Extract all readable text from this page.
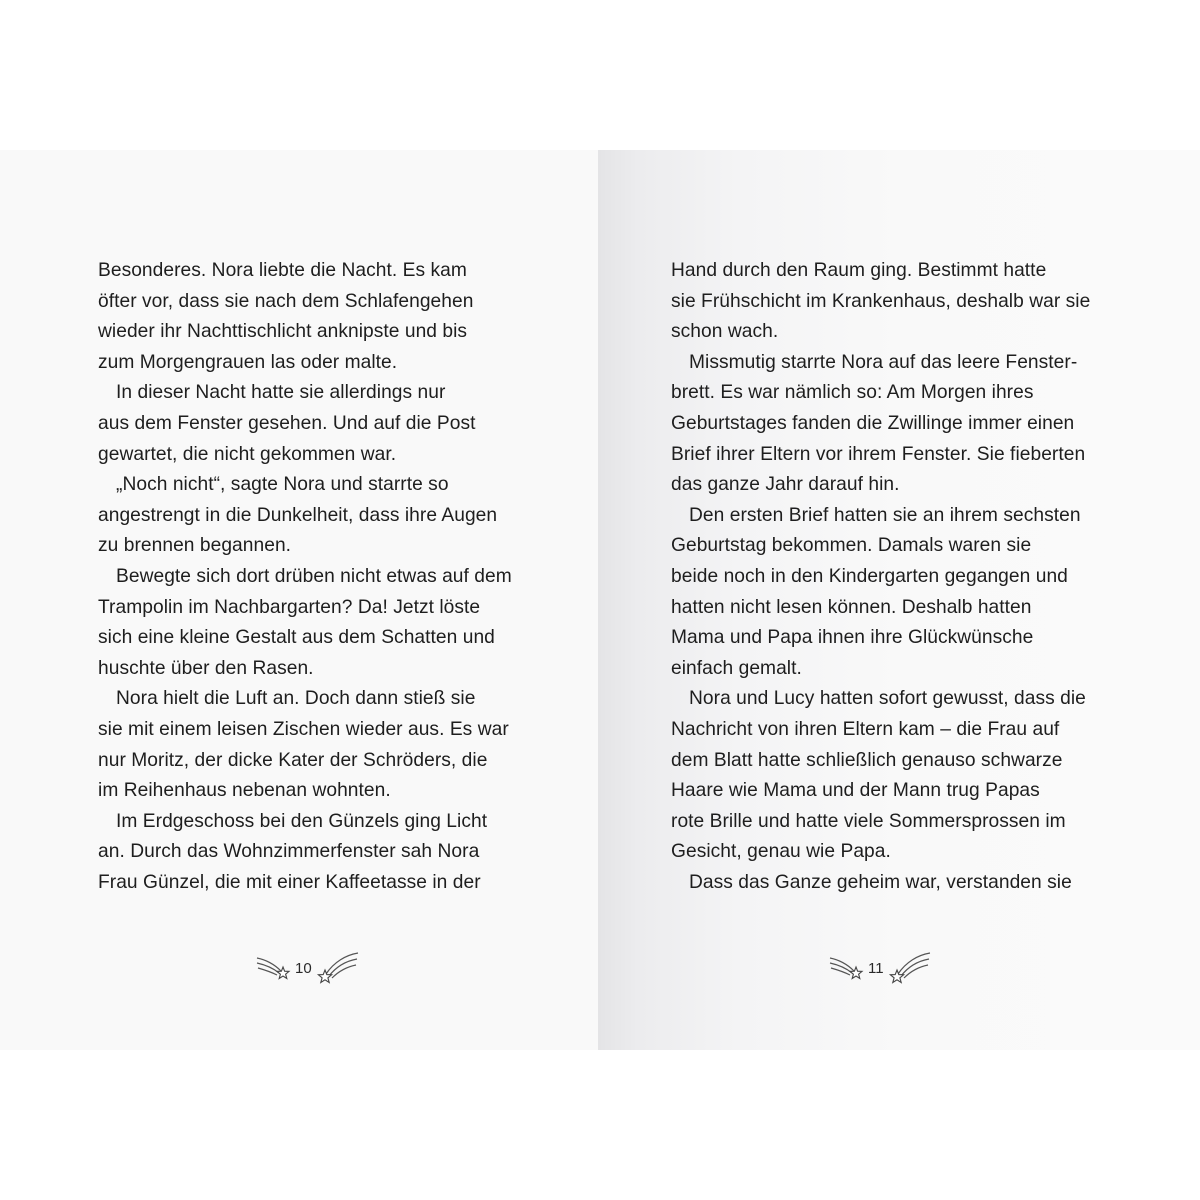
Besonderes. Nora liebte die Nacht. Es kam
öfter vor, dass sie nach dem Schlafengehen
wieder ihr Nachttischlicht anknipste und bis
zum Morgengrauen las oder malte.
In dieser Nacht hatte sie allerdings nur
aus dem Fenster gesehen. Und auf die Post
gewartet, die nicht gekommen war.
„Noch nicht“, sagte Nora und starrte so
angestrengt in die Dunkelheit, dass ihre Augen
zu brennen begannen.
Bewegte sich dort drüben nicht etwas auf dem
Trampolin im Nachbargarten? Da! Jetzt löste
sich eine kleine Gestalt aus dem Schatten und
huschte über den Rasen.
Nora hielt die Luft an. Doch dann stieß sie
sie mit einem leisen Zischen wieder aus. Es war
nur Moritz, der dicke Kater der Schröders, die
im Reihenhaus nebenan wohnten.
Im Erdgeschoss bei den Günzels ging Licht
an. Durch das Wohnzimmerfenster sah Nora
Frau Günzel, die mit einer Kaffeetasse in der
10
Hand durch den Raum ging. Bestimmt hatte
sie Frühschicht im Krankenhaus, deshalb war sie
schon wach.
Missmutig starrte Nora auf das leere Fenster-
brett. Es war nämlich so: Am Morgen ihres
Geburtstages fanden die Zwillinge immer einen
Brief ihrer Eltern vor ihrem Fenster. Sie fieberten
das ganze Jahr darauf hin.
Den ersten Brief hatten sie an ihrem sechsten
Geburtstag bekommen. Damals waren sie
beide noch in den Kindergarten gegangen und
hatten nicht lesen können. Deshalb hatten
Mama und Papa ihnen ihre Glückwünsche
einfach gemalt.
Nora und Lucy hatten sofort gewusst, dass die
Nachricht von ihren Eltern kam – die Frau auf
dem Blatt hatte schließlich genauso schwarze
Haare wie Mama und der Mann trug Papas
rote Brille und hatte viele Sommersprossen im
Gesicht, genau wie Papa.
Dass das Ganze geheim war, verstanden sie
11
